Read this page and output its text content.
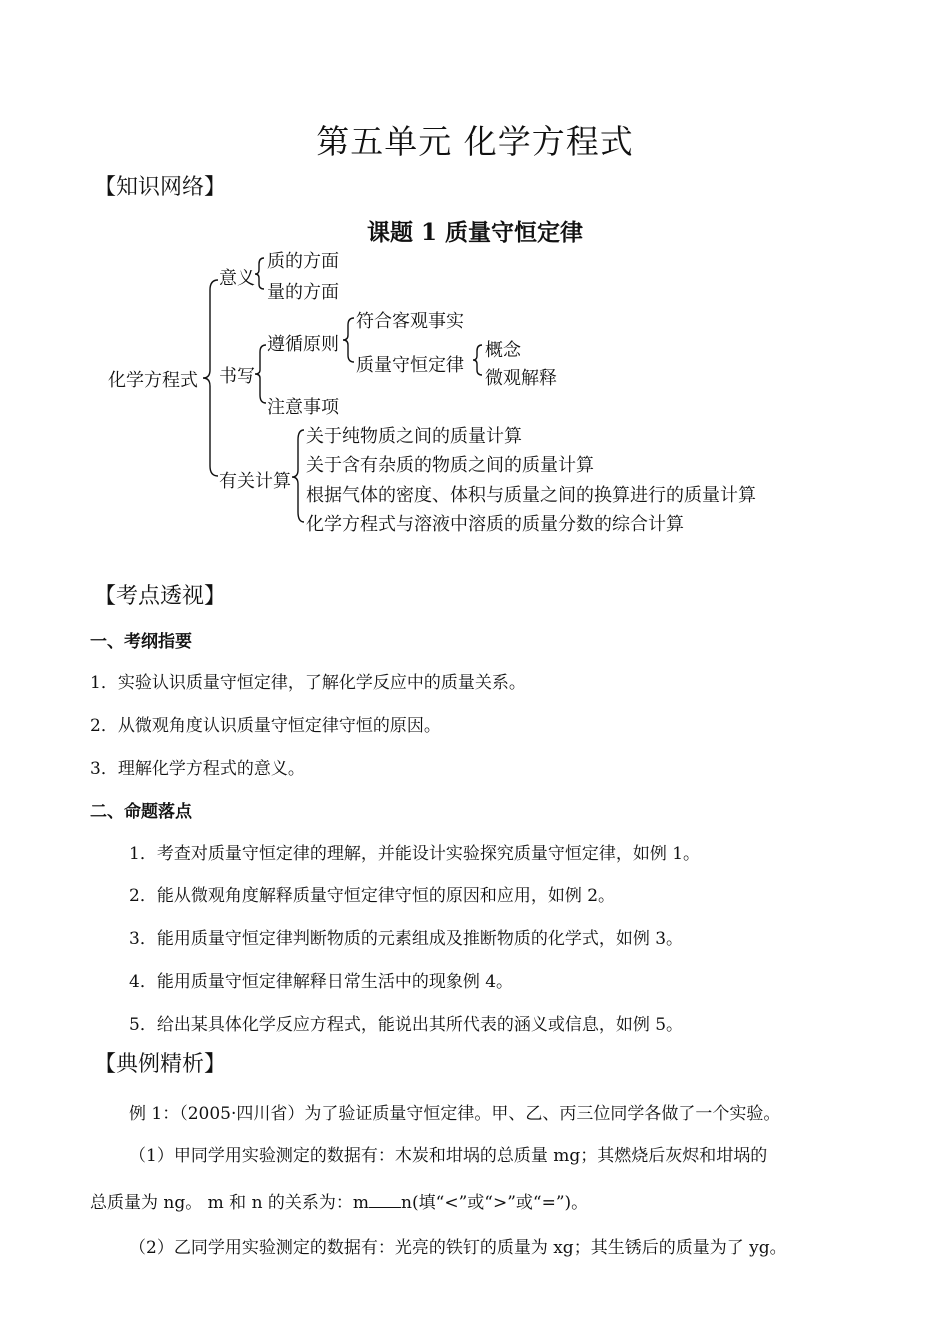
第五单元 化学方程式
【知识网络】
课题 1 质量守恒定律
化学方程式
意义
质的方面
量的方面
书写
遵循原则
符合客观事实
质量守恒定律
概念
微观解释
注意事项
有关计算
关于纯物质之间的质量计算
关于含有杂质的物质之间的质量计算
根据气体的密度、体积与质量之间的换算进行的质量计算
化学方程式与溶液中溶质的质量分数的综合计算
【考点透视】
一、考纲指要
1．实验认识质量守恒定律，了解化学反应中的质量关系。
2．从微观角度认识质量守恒定律守恒的原因。
3．理解化学方程式的意义。
二、命题落点
1．考查对质量守恒定律的理解，并能设计实验探究质量守恒定律，如例 1。
2．能从微观角度解释质量守恒定律守恒的原因和应用，如例 2。
3．能用质量守恒定律判断物质的元素组成及推断物质的化学式，如例 3。
4．能用质量守恒定律解释日常生活中的现象例 4。
5．给出某具体化学反应方程式，能说出其所代表的涵义或信息，如例 5。
【典例精析】
例 1：（2005·四川省）为了验证质量守恒定律。甲、乙、丙三位同学各做了一个实验。
（1）甲同学用实验测定的数据有：木炭和坩埚的总质量 mg；其燃烧后灰烬和坩埚的
总质量为 ng。 m 和 n 的关系为：m n(填“<”或“>”或“=”)。
（2）乙同学用实验测定的数据有：光亮的铁钉的质量为 xg；其生锈后的质量为了 yg。
